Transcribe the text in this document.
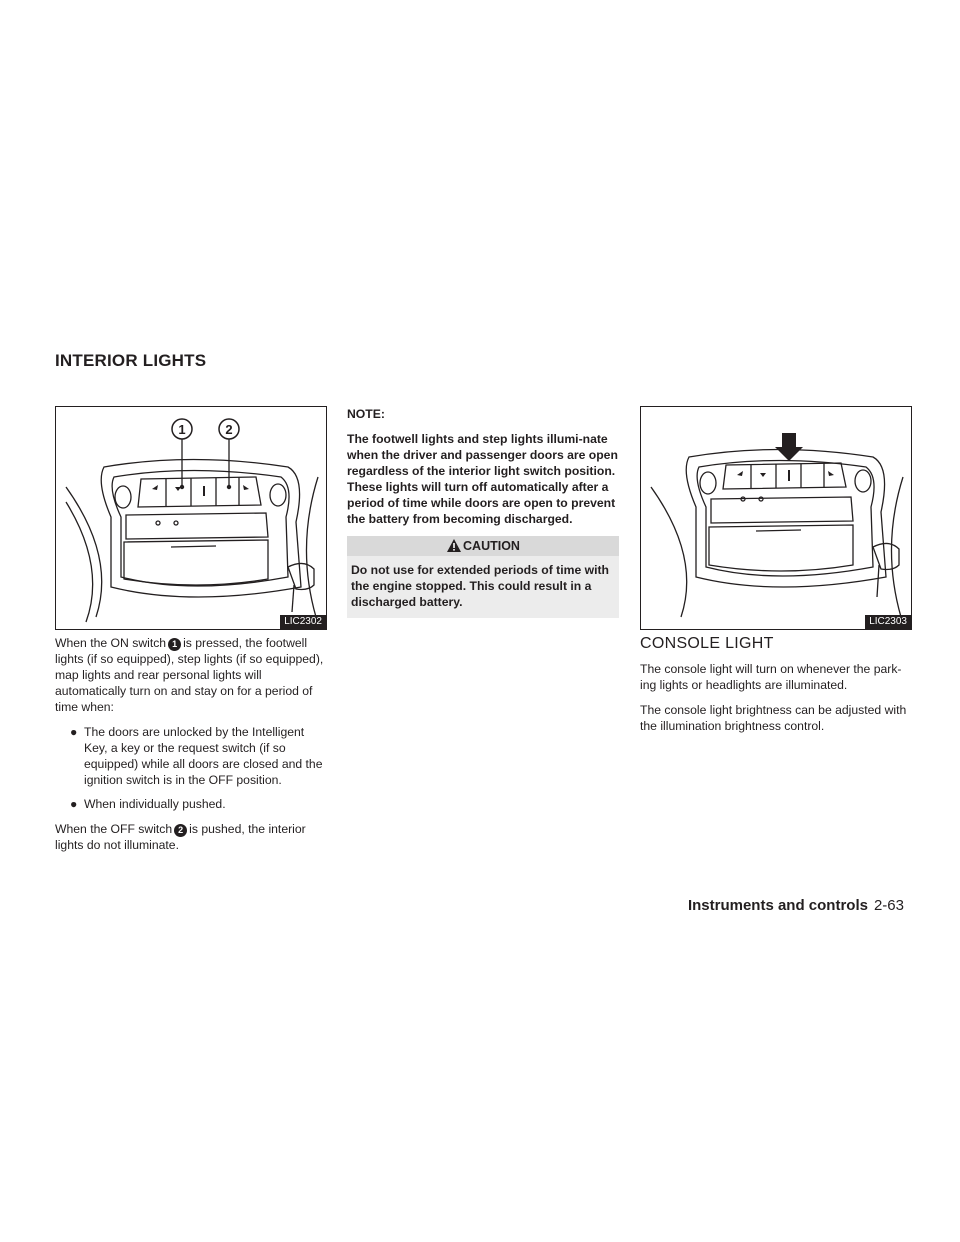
INTERIOR LIGHTS
1	2
LIC2302	LIC2303

When the ON switch 1 is pressed, the footwell lights (if so equipped), step lights (if so equipped), map lights and rear personal lights will automatically turn on and stay on for a period of time when:

● The doors are unlocked by the Intelligent Key, a key or the request switch (if so equipped) while all doors are closed and the ignition switch is in the OFF position.
● When individually pushed.

When the OFF switch 2 is pushed, the interior lights do not illuminate.

NOTE:

The footwell lights and step lights illumi-nate when the driver and passenger doors are open regardless of the interior light switch position. These lights will turn off automatically after a period of time while doors are open to prevent the battery from becoming discharged.

CAUTION
Do not use for extended periods of time with the engine stopped. This could result in a discharged battery.
CONSOLE LIGHT

The console light will turn on whenever the park-ing lights or headlights are illuminated.

The console light brightness can be adjusted with the illumination brightness control.

Instruments and controls 2-63
